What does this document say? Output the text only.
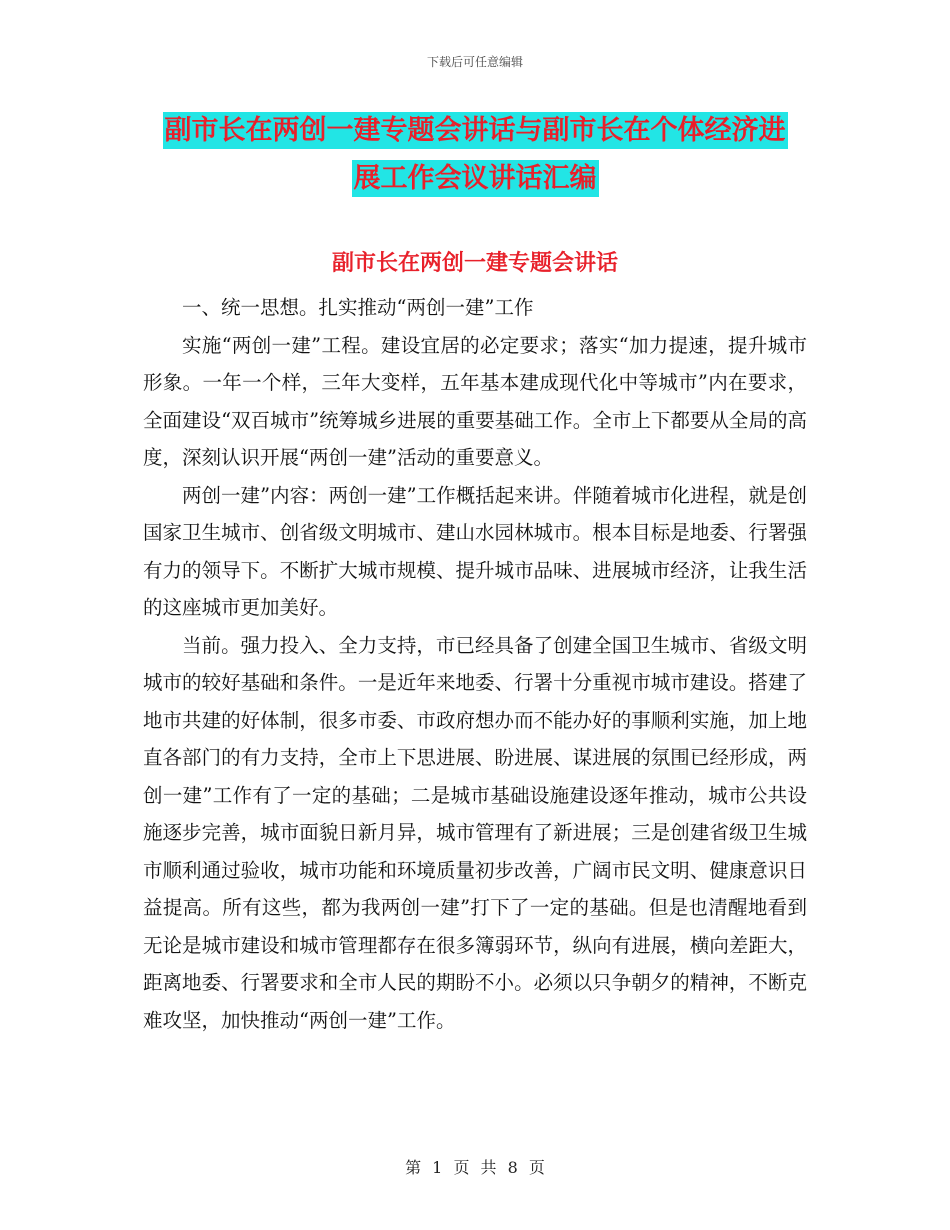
下载后可任意编辑
副市长在两创一建专题会讲话与副市长在个体经济进
展工作会议讲话汇编
副市长在两创一建专题会讲话

一、统一思想。扎实推动“两创一建”工作

实施“两创一建”工程。建设宜居的必定要求；落实“加力提速，提升城市形象。一年一个样，三年大变样，五年基本建成现代化中等城市”内在要求，全面建设“双百城市”统筹城乡进展的重要基础工作。全市上下都要从全局的高度，深刻认识开展“两创一建”活动的重要意义。

两创一建”内容：两创一建”工作概括起来讲。伴随着城市化进程，就是创国家卫生城市、创省级文明城市、建山水园林城市。根本目标是地委、行署强有力的领导下。不断扩大城市规模、提升城市品味、进展城市经济，让我生活的这座城市更加美好。

当前。强力投入、全力支持，市已经具备了创建全国卫生城市、省级文明城市的较好基础和条件。一是近年来地委、行署十分重视市城市建设。搭建了地市共建的好体制，很多市委、市政府想办而不能办好的事顺利实施，加上地直各部门的有力支持，全市上下思进展、盼进展、谋进展的氛围已经形成，两创一建”工作有了一定的基础；二是城市基础设施建设逐年推动，城市公共设施逐步完善，城市面貌日新月异，城市管理有了新进展；三是创建省级卫生城市顺利通过验收，城市功能和环境质量初步改善，广阔市民文明、健康意识日益提高。所有这些，都为我两创一建”打下了一定的基础。但是也清醒地看到无论是城市建设和城市管理都存在很多簿弱环节，纵向有进展，横向差距大，距离地委、行署要求和全市人民的期盼不小。必须以只争朝夕的精神，不断克难攻坚，加快推动“两创一建”工作。

第 1 页 共 8 页
